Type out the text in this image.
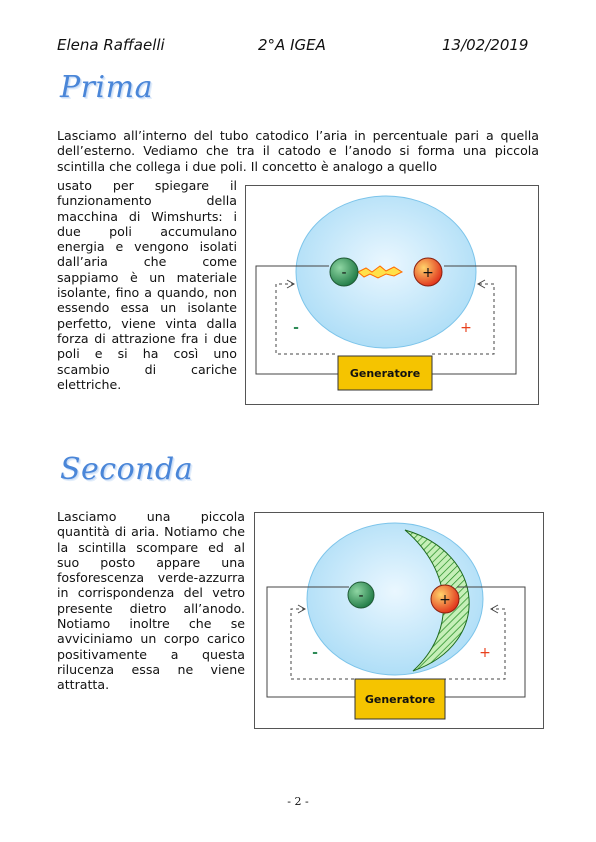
Elena Raffaelli	2°A IGEA	13/02/2019
Prima

Lasciamo all’interno del tubo catodico l’aria in percentuale pari a quella dell’esterno. Vediamo che tra il catodo e l’anodo si forma una piccola scintilla che collega i due poli. Il concetto è analogo a quello

usato per spiegare il funzionamento della macchina di Wimshurts: i due poli accumulano energia e vengono isolati dall’aria che come sappiamo è un materiale isolante, fino a quando, non essendo essa un isolante perfetto, viene vinta dalla forza di attrazione fra i due poli e si ha così uno scambio di cariche elettriche.

-	+
-	+
Generatore
Seconda

Lasciamo una piccola quantità di aria. Notiamo che la scintilla scompare ed al suo posto appare una fosforescenza verde-azzurra in corrispondenza del vetro presente dietro all’anodo. Notiamo inoltre che se avviciniamo un corpo carico positivamente a questa rilucenza essa ne viene attratta.

-	+
-	+
Generatore
- 2 -
